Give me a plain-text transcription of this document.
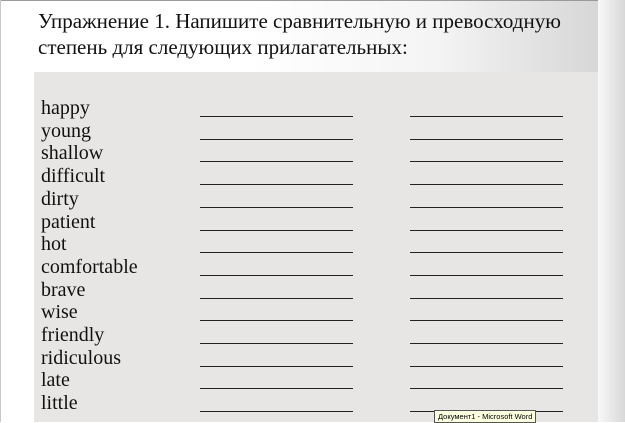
Упражнение 1. Напишите сравнительную и превосходную
степень для следующих прилагательных:
happy
young
shallow
difficult
dirty
patient
hot
comfortable
brave
wise
friendly
ridiculous
late
little
Документ1 - Microsoft Word
